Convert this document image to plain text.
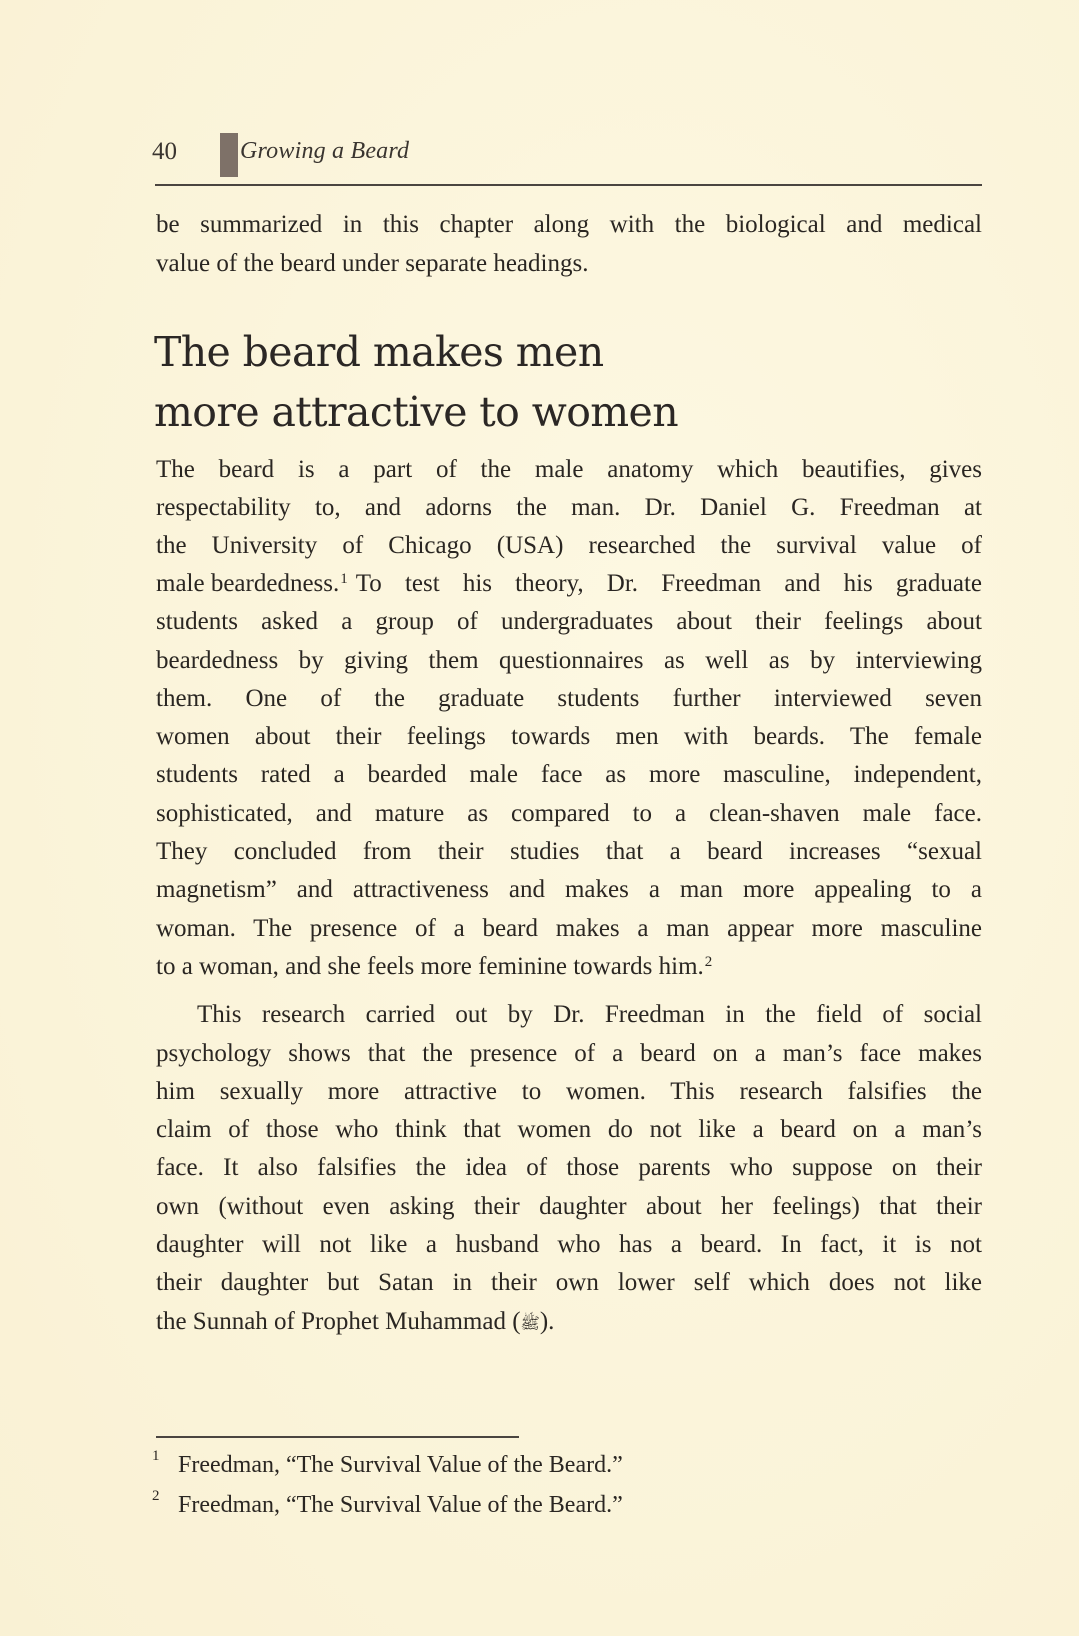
40	Growing a Beard
be summarized in this chapter along with the biological and medical
value of the beard under separate headings.
The beard makes men
more attractive to women
The beard is a part of the male anatomy which beautifies, gives
respectability to, and adorns the man. Dr. Daniel G. Freedman at
the University of Chicago (USA) researched the survival value of
male beardedness.$^1$ To test his theory, Dr. Freedman and his graduate
students asked a group of undergraduates about their feelings about
beardedness by giving them questionnaires as well as by interviewing
them. One of the graduate students further interviewed seven
women about their feelings towards men with beards. The female
students rated a bearded male face as more masculine, independent,
sophisticated, and mature as compared to a clean-shaven male face.
They concluded from their studies that a beard increases “sexual
magnetism” and attractiveness and makes a man more appealing to a
woman. The presence of a beard makes a man appear more masculine
to a woman, and she feels more feminine towards him.$^2$
This research carried out by Dr. Freedman in the field of social
psychology shows that the presence of a beard on a man’s face makes
him sexually more attractive to women. This research falsifies the
claim of those who think that women do not like a beard on a man’s
face. It also falsifies the idea of those parents who suppose on their
own (without even asking their daughter about her feelings) that their
daughter will not like a husband who has a beard. In fact, it is not
their daughter but Satan in their own lower self which does not like
the Sunnah of Prophet Muhammad (ﷺ).
1 Freedman, “The Survival Value of the Beard.”
2 Freedman, “The Survival Value of the Beard.”
